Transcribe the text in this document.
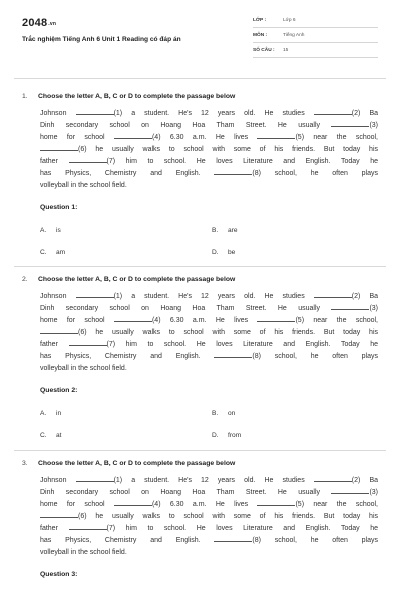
2048.vn
Trắc nghiệm Tiếng Anh 6 Unit 1 Reading có đáp án
LỚP :	Lớp 6
MÔN :	Tiếng Anh
SỐ CÂU : 15
1. Choose the letter A, B, C or D to complete the passage below
Johnson	(1) a student. He's 12 years old. He studies	(2) Ba
Dinh secondary school on Hoang Hoa Tham Street. He usually	(3)
home for school	(4) 6.30 a.m. He lives	(5) near the school,
(6) he usually walks to school with some of his friends. But today his
father	(7) him to school. He loves Literature and English. Today he
has Physics, Chemistry and English.	(8) school, he often plays
volleyball in the school field.
Question 1:
A. is	B. are
C. am	D. be
2. Choose the letter A, B, C or D to complete the passage below
Johnson	(1) a student. He's 12 years old. He studies	(2) Ba
Dinh secondary school on Hoang Hoa Tham Street. He usually	(3)
home for school	(4) 6.30 a.m. He lives	(5) near the school,
(6) he usually walks to school with some of his friends. But today his
father	(7) him to school. He loves Literature and English. Today he
has Physics, Chemistry and English.	(8) school, he often plays
volleyball in the school field.
Question 2:
A. in	B. on
C. at	D. from
3. Choose the letter A, B, C or D to complete the passage below
Johnson	(1) a student. He's 12 years old. He studies	(2) Ba
Dinh secondary school on Hoang Hoa Tham Street. He usually	(3)
home for school	(4) 6.30 a.m. He lives	(5) near the school,
(6) he usually walks to school with some of his friends. But today his
father	(7) him to school. He loves Literature and English. Today he
has Physics, Chemistry and English.	(8) school, he often plays
volleyball in the school field.
Question 3:
